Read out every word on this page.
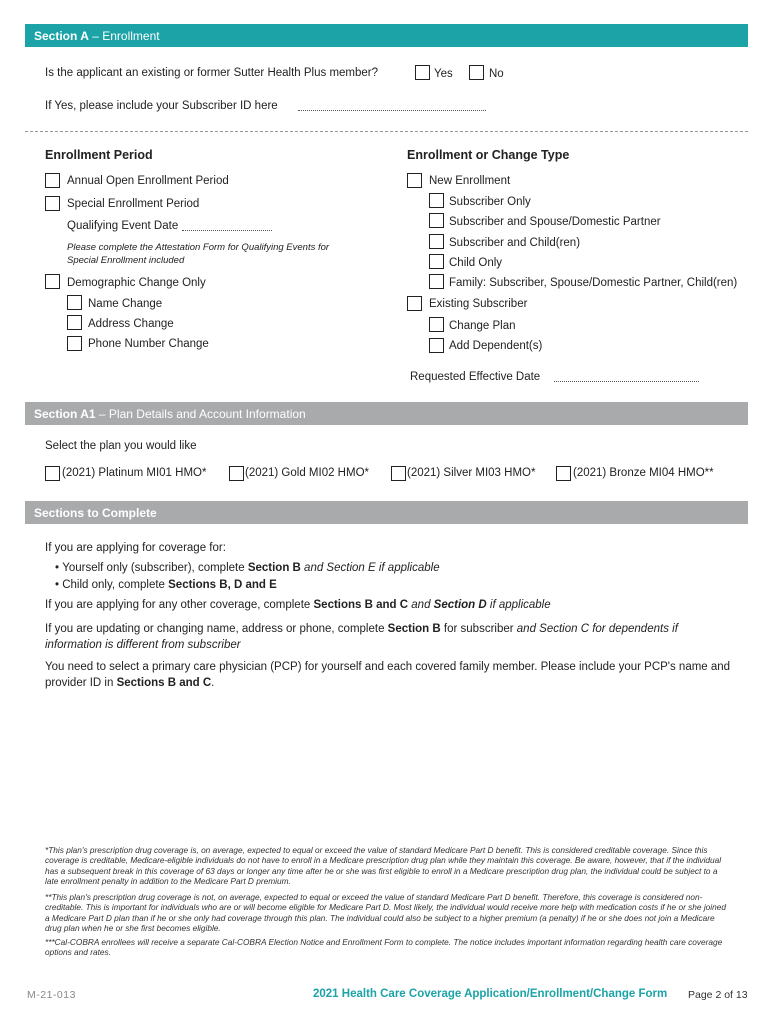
Section A – Enrollment
Is the applicant an existing or former Sutter Health Plus member?	Yes	No
If Yes, please include your Subscriber ID here
Enrollment Period
Annual Open Enrollment Period
Special Enrollment Period
Qualifying Event Date
Please complete the Attestation Form for Qualifying Events for
Special Enrollment included
Demographic Change Only
Name Change
Address Change
Phone Number Change
Enrollment or Change Type
New Enrollment
Subscriber Only
Subscriber and Spouse/Domestic Partner
Subscriber and Child(ren)
Child Only
Family: Subscriber, Spouse/Domestic Partner, Child(ren)
Existing Subscriber
Change Plan
Add Dependent(s)
Requested Effective Date
Section A1 – Plan Details and Account Information
Select the plan you would like
(2021) Platinum MI01 HMO*	(2021) Gold MI02 HMO*	(2021) Silver MI03 HMO*	(2021) Bronze MI04 HMO**
Sections to Complete
If you are applying for coverage for:
• Yourself only (subscriber), complete Section B and Section E if applicable
• Child only, complete Sections B, D and E
If you are applying for any other coverage, complete Sections B and C and Section D if applicable
If you are updating or changing name, address or phone, complete Section B for subscriber and Section C for dependents if information is different from subscriber
You need to select a primary care physician (PCP) for yourself and each covered family member. Please include your PCP's name and provider ID in Sections B and C.
*This plan's prescription drug coverage is, on average, expected to equal or exceed the value of standard Medicare Part D benefit. This is considered creditable coverage. Since this coverage is creditable, Medicare-eligible individuals do not have to enroll in a Medicare prescription drug plan while they maintain this coverage. Be aware, however, that if the individual has a subsequent break in this coverage of 63 days or longer any time after he or she was first eligible to enroll in a Medicare prescription drug plan, the individual could be subject to a late enrollment penalty in addition to the Medicare Part D premium.
**This plan's prescription drug coverage is not, on average, expected to equal or exceed the value of standard Medicare Part D benefit. Therefore, this coverage is considered non-creditable. This is important for individuals who are or will become eligible for Medicare Part D. Most likely, the individual would receive more help with medication costs if he or she joined a Medicare Part D plan than if he or she only had coverage through this plan. The individual could also be subject to a higher premium (a penalty) if he or she does not join a Medicare drug plan when he or she first becomes eligible.
***Cal-COBRA enrollees will receive a separate Cal-COBRA Election Notice and Enrollment Form to complete. The notice includes important information regarding health care coverage options and rates.
M-21-013	2021 Health Care Coverage Application/Enrollment/Change Form Page 2 of 13
